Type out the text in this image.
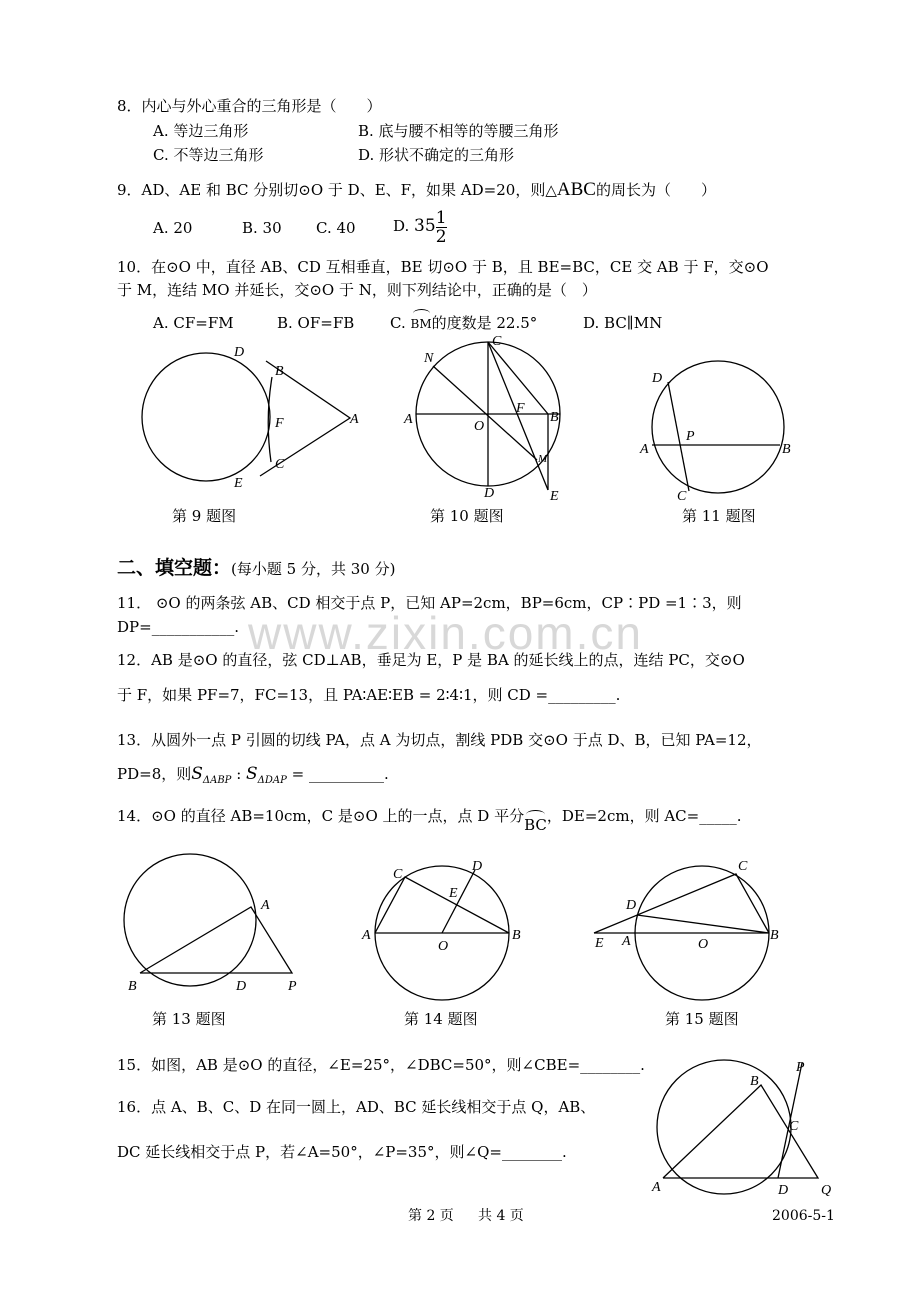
www.zixin.com.cn
8．内心与外心重合的三角形是（　　）
A. 等边三角形	B. 底与腰不相等的等腰三角形
C. 不等边三角形	D. 形状不确定的三角形
9．AD、AE 和 BC 分别切⊙O 于 D、E、F，如果 AD=20，则△ABC的周长为（　　）
A. 20	B. 30 C. 40 D. $35 \frac{1}{2}$
10．在⊙O 中，直径 AB、CD 互相垂直，BE 切⊙O 于 B，且 BE=BC，CE 交 AB 于 F，交⊙O
于 M，连结 MO 并延长，交⊙O 于 N，则下列结论中，正确的是（　）
A. CF=FM	B. OF=FB C. BM的度数是 22.5°	D. BC∥MN
D
B
F	A
C
E
第 9 题图
C
N
A	O
F
B
M
D	E
第 10 题图
D
A
P
B
C
第 11 题图
二、填空题：(每小题 5 分，共 30 分)
11． ⊙O 的两条弦 AB、CD 相交于点 P，已知 AP=2cm，BP=6cm，CP∶PD =1∶3，则
DP=___________.
12．AB 是⊙O 的直径，弦 CD⊥AB，垂足为 E，P 是 BA 的延长线上的点，连结 PC，交⊙O
于 F，如果 PF=7，FC=13，且 PA∶AE∶EB = 2∶4∶1，则 CD =_________.
13．从圆外一点 P 引圆的切线 PA，点 A 为切点，割线 PDB 交⊙O 于点 D、B，已知 PA=12，
PD=8，则$S_{\Delta ABP}$ : $S_{\Delta DAP}$ = __________.
14．⊙O 的直径 AB=10cm，C 是⊙O 上的一点，点 D 平分BC，DE=2cm，则 AC=_____.
A
B	D	P
第 13 题图
C
D
E
A
O
B
第 14 题图
C
D
E A	O
B
第 15 题图
15．如图，AB 是⊙O 的直径，∠E=25°，∠DBC=50°，则∠CBE=________.
16．点 A、B、C、D 在同一圆上，AD、BC 延长线相交于点 Q，AB、
DC 延长线相交于点 P，若∠A=50°，∠P=35°，则∠Q=________.
P
B
C
A	D Q
第 2 页 共 4 页	2006-5-1
